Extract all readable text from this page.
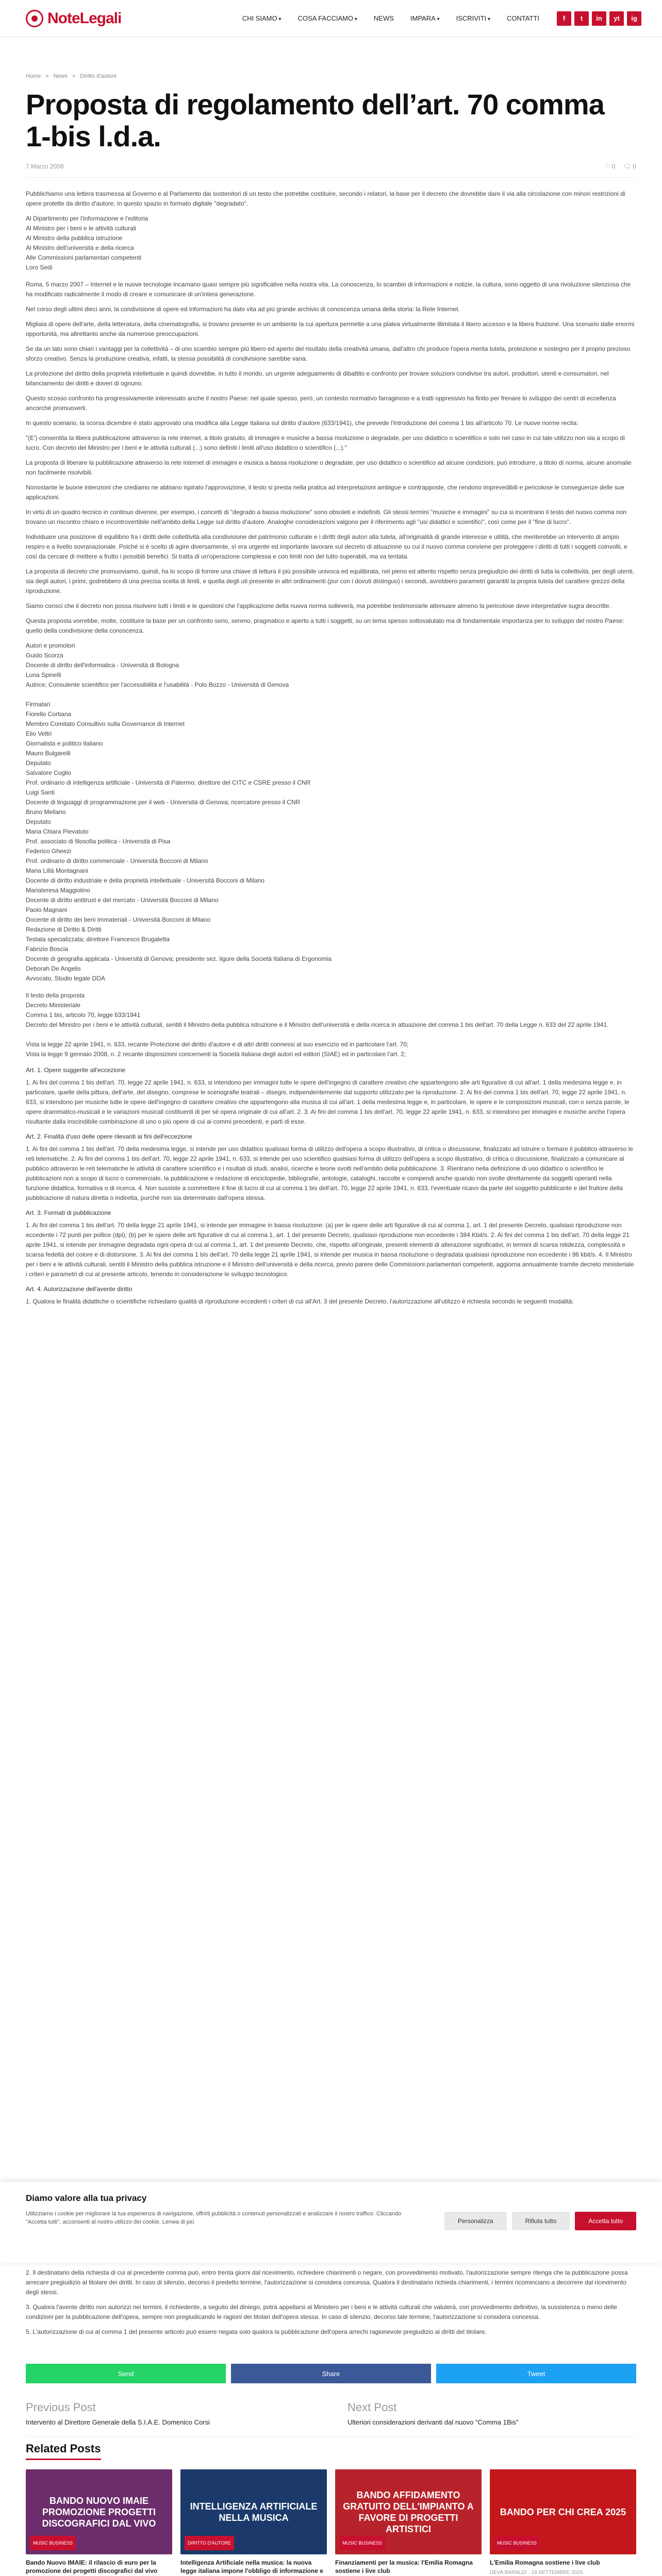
NoteLegali	CHI SIAMO ▾	COSA FACCIAMO ▾	NEWS	IMPARA ▾	ISCRIVITI ▾	CONTATTI	f	t	in	yt	ig
Home » News » Diritto d'autore
Proposta di regolamento dell’art. 70 comma 1-bis l.d.a.
7 Marzo 2008	♡ 0 🗨 0

Pubblichiamo una lettera trasmessa al Governo e al Parlamento dai sostenitori di un testo che potrebbe costituire, secondo i relatori, la base per il decreto che dovrebbe dare il via alla circolazione con minori restrizioni di opere protette da diritto d'autore, in questo spazio in formato digitale "degradato".

Al Dipartimento per l'informazione e l'editoria
Al Ministro per i beni e le attività culturali
Al Ministro della pubblica istruzione
Al Ministro dell'università e della ricerca
Alle Commissioni parlamentari competenti
Loro Sedi

Roma, 5 marzo 2007 – Internet e le nuove tecnologie incarnano quasi sempre più significative nella nostra vita. La conoscenza, lo scambio di informazioni e notizie, la cultura, sono oggetto di una rivoluzione silenziosa che ha modificato radicalmente il modo di creare e comunicare di un'intera generazione.

Nel corso degli ultimi dieci anni, la condivisione di opere ed informazioni ha dato vita ad più grande archivio di conoscenza umana della storia: la Rete Internet.

Migliaia di opere dell'arte, della letteratura, della cinematografia, si trovano presente in un ambiente la cui apertura permette a una platea virtualmente illimitata il libero accesso e la libera fruizione. Una scenario dalle enormi opportunità, ma altrettanto anche da numerose preoccupazioni.

Se da un lato sono chiari i vantaggi per la collettività – di uno scambio sempre più libero ed aperto del risultato della creatività umana, dall'altro chi produce l'opera merita tutela, protezione e sostegno per il proprio prezioso sforzo creativo. Senza la produzione creativa, infatti, la stessa possibilità di condivisione sarebbe vana.

La protezione del diritto della proprietà intellettuale e quindi dovrebbe, in tutto il mondo, un urgente adeguamento di dibattito e confronto per trovare soluzioni condivise tra autori, produttori, utenti e consumatori, nel bilanciamento dei diritti e doveri di ognuno.

Questo scosso confronto ha progressivamente interessato anche il nostro Paese: nel quale spesso, però, un contesto normativo farraginoso e a tratti oppressivo ha finito per frenare lo sviluppo dei centri di eccellenza ancorché promuoverli.

In questo scenario, la scorsa dicembre è stato approvato una modifica alla Legge italiana sul diritto d'autore (633/1941), che prevede l'introduzione del comma 1 bis all'articolo 70. Le nuove norme recita:

"(E') consentita la libera pubblicazione attraverso la rete internet, a titolo gratuito, di immagini e musiche a bassa risoluzione o degradate, per uso didattico o scientifico e solo nel caso in cui tale utilizzo non sia a scopo di lucro. Con decreto del Ministro per i beni e le attività culturali (...) sono definiti i limiti all'uso didattico o scientifico (...)."

La proposta di liberare la pubblicazione attraverso la rete internet di immagini e musica a bassa risoluzione o degradate, per uso didattico o scientifico ad alcune condizioni, può introdurre, a titolo di norma, alcune anomalie non facilmente risolvibili.

Nonostante le buone intenzioni che crediamo ne abbiano ispirato l'approvazione, il testo si presta nella pratica ad interpretazioni ambigue e contrapposte, che rendono imprevedibili e pericolose le conseguenze delle sue applicazioni.

In virtù di un quadro tecnico in continuo divenire, per esempio, i concetti di "degrado a bassa risoluzione" sono obsoleti e indefiniti. Gli stessi termini "musiche e immagini" su cui si incentrano il testo del nuovo comma non trovano un riscontro chiaro e incontrovertibile nell'ambito della Legge sul diritto d'autore. Analoghe considerazioni valgono per il riferimento agli "usi didattici e scientifici", così come per il "fine di lucro".

Individuare una posizione di equilibrio fra i diritti delle collettività alla condivisione del patrimonio culturale e i diritti degli autori alla tutela, all'originalità di grande interesse e utilità, che meriterebbe un intervento di ampio respiro e a livello sovranazionale. Poiché si è scelto di agire diversamente, sì era urgente ed importante lavorare sul decreto di attuazione su cui il nuovo comma conviene per proteggere i diritti di tutti i soggetti coinvolti, e così da cercare di mettere a frutto i possibili benefici. Si tratta di un'operazione complessa e con limiti non del tutto superabili, ma va tentata.

La proposta di decreto che promuoviamo, quindi, ha lo scopo di fornire una chiave di lettura il più possibile univoca ed equilibrata, nel pieno ed attento rispetto senza pregiudizio dei diritti di tutta la collettività, per degli utenti, sia degli autori, i primi, godrebbero di una precisa scelta di limiti, e quella degli uti presente in altri ordinamenti (pur con i dovuti distinguo) i secondi, avrebbero parametri garantiti la propria tutela del carattere grezzo della riproduzione.

Siamo consci che il decreto non possa risolvere tutti i limiti e le questioni che l'applicazione della nuova norma solleverà, ma potrebbe testimoniarle attenuare almeno la pericolose deve interpretative sugra descritte.

Questa proposta vorrebbe, molte, costituire la base per un confronto serio, sereno, pragmatico e aperto a tutti i soggetti, su un tema spesso sottovalutato ma di fondamentale importanza per lo sviluppo del nostro Paese: quello della condivisione della conoscenza.

Autori e promotori
Guido Scorza
Docente di diritto dell'informatica - Università di Bologna
Luna Spinelli
Autrice; Consulente scientifico per l'accessibilità e l'usabilità - Polo Bozzo - Università di Genova
Firmatari
Fiorello Cortiana
Membro Comitato Consultivo sulla Governance di Internet
Elio Veltri
Giornalista e politico italiano
Mauro Bulgarelli
Deputato
Salvatore Coglio
Prof. ordinario di intelligenza artificiale - Università di Palermo; direttore del CITC e CSRE presso il CNR
Luigi Santi
Docente di linguaggi di programmazione per il web - Università di Genova; ricercatore presso il CNR
Bruno Mellano
Deputato
Maria Chiara Pievatolo
Prof. associato di filosofia politica - Università di Pisa
Federico Gheezi
Prof. ordinario di diritto commerciale - Università Bocconi di Milano
Maria Lillà Montagnani
Docente di diritto industriale e della proprietà intellettuale - Università Bocconi di Milano
Mariateresa Maggiolino
Docente di diritto antitrust e del mercato - Università Bocconi di Milano
Paolo Magnani
Docente di diritto dei beni immateriali - Università Bocconi di Milano
Redazione di Diritto & Diritti
Testata specializzata; direttore Francesco Brugaletta
Fabrizio Boscia
Docente di geografia applicata - Università di Genova; presidente sez. ligure della Società Italiana di Ergonomia
Deborah De Angelis
Avvocato, Studio legale DDA
Il testo della proposta
Decreto Ministeriale
Comma 1 bis, articolo 70, legge 633/1941
Decreto del Ministro per i beni e le attività culturali, sentiti il Ministro della pubblica istruzione e il Ministro dell'università e della ricerca in attuazione del comma 1 bis dell'art. 70 della Legge n. 633 del 22 aprile 1941.
Vista la legge 22 aprile 1941, n. 633, recante Protezione del diritto d'autore e di altri diritti connessi al suo esercizio ed in particolare l'art. 70;
Vista la legge 9 gennaio 2008, n. 2 recante disposizioni concernenti la Società italiana degli autori ed editori (SIAE) ed in particolare l'art. 2;
Art. 1. Opere suggerite all'eccezione

1. Ai fini del comma 1 bis dell'art. 70, legge 22 aprile 1941, n. 633, si intendono per immagini tutte le opere dell'ingegno di carattere creativo che appartengono alle arti figurative di cui all'art. 1 della medesima legge e, in particolare, quelle della pittura, dell'arte, del disegno, comprese le scenografie teatrali – disegni, indipendentemente dal supporto utilizzato per la riproduzione. 2. Ai fini del comma 1 bis dell'art. 70, legge 22 aprile 1941, n. 633, si intendono per musiche tutte le opere dell'ingegno di carattere creativo che appartengono alla musica di cui all'art. 1 della medesima legge e, in particolare, le opere e le composizioni musicali, con o senza parole, le opere drammatico-musicali e le variazioni musicali costituenti di per sé opera originale di cui all'art. 2. 3. Ai fini del comma 1 bis dell'art. 70, legge 22 aprile 1941, n. 633, si intendono per immagini e musiche anche l'opera risultante dalla inscindibile combinazione di uno o più opere di cui ai commi precedenti, e parti di esse.

Art. 2. Finalità d'uso delle opere rilevanti ai fini dell'eccezione

1. Ai fini del comma 1 bis dell'art. 70 della medesima legge, si intende per uso didattico qualsiasi forma di utilizzo dell'opera a scopo illustrativo, di critica o discussione, finalizzato ad istruire o formare il pubblico attraverso le reti telematiche. 2. Ai fini del comma 1 bis dell'art. 70, legge 22 aprile 1941, n. 633, si intende per uso scientifico qualsiasi forma di utilizzo dell'opera a scopo illustrativo, di critica o discussione, finalizzato a comunicare al pubblico attraverso le reti telematiche le attività di carattere scientifico e i risultati di studi, analisi, ricerche e teorie svolti nell'ambito della pubblicazione. 3. Rientrano nella definizione di uso didattico o scientifico le pubblicazioni non a scopo di lucro o commerciale, la pubblicazione e redazione di enciclopedie, bibliografie, antologie, cataloghi, raccolte e compendi anche quando non svolte direttamente da soggetti operanti nella funzione didattica, formativa o di ricerca. 4. Non sussiste a commettere il fine di lucro di cui al comma 1 bis dell'art. 70, legge 22 aprile 1941, n. 633, l'eventuale ricavo da parte del soggetto pubblicante e del fruitore della pubblicazione di natura diretta o indiretta, purché non sia determinato dall'opera stessa.

Art. 3. Formati di pubblicazione

1. Ai fini del comma 1 bis dell'art. 70 della legge 21 aprile 1941, si intende per immagine in bassa risoluzione: (a) per le opere delle arti figurative di cui al comma 1, art. 1 del presente Decreto, qualsiasi riproduzione non eccedente i 72 punti per pollice (dpi); (b) per le opere delle arti figurative di cui al comma 1, art. 1 del presente Decreto, qualsiasi riproduzione non eccedente i 384 Kbit/s. 2. Ai fini del comma 1 bis dell'art. 70 della legge 21 aprile 1941, si intende per immagine degradata ogni opera di cui al comma 1, art. 1 del presente Decreto, che, rispetto all'originale, presenti elementi di alterazione significativi, in termini di scarsa nitidezza, complessità e scarsa fedeltà del colore e di distorsione. 3. Ai fini del comma 1 bis dell'art. 70 della legge 21 aprile 1941, si intende per musica in bassa risoluzione o degradata qualsiasi riproduzione non eccedente i 96 kbit/s. 4. Il Ministro per i beni e le attività culturali, sentiti il Ministro della pubblica istruzione e il Ministro dell'università e della ricerca, previo parere delle Commissioni parlamentari competenti, aggiorna annualmente tramite decreto ministeriale i criteri e parametri di cui al presente articolo, tenendo in considerazione le sviluppo tecnologico.

Art. 4. Autorizzazione dell'avente diritto

1. Qualora le finalità didattiche o scientifiche richiedano qualità di riproduzione eccedenti i criteri di cui all'Art. 3 del presente Decreto, l'autorizzazione all'utilizzo è richiesta secondo le seguenti modalità:

Diamo valore alla tua privacy

Utilizziamo i cookie per migliorare la tua esperienza di navigazione, offrirti pubblicità o contenuti personalizzati e analizzare il nostro traffico. Cliccando "Accetta tutti", acconsenti al nostro utilizzo dei cookie. Lenwa di più	Personalizza	Rifiuta tutto	Accetta tutto

2. Il destinatario della richiesta di cui al precedente comma può, entro trenta giorni dal ricevimento, richiedere chiarimenti o negare, con provvedimento motivato, l'autorizzazione sempre ritenga che la pubblicazione possa arrecare pregiudizio al titolare dei diritti. In caso di silenzio, decorso il predetto termine, l'autorizzazione si considera concessa. Qualora il destinatario richieda chiarimenti, i termini ricominciano a decorrere dal ricevimento degli stessi.

3. Qualora l'avente diritto non autorizzi nei termini, il richiedente, a seguito del diniego, potrà appellarsi al Ministero per i beni e le attività culturali che valuterà, con provvedimento definitivo, la sussistenza o meno delle condizioni per la pubblicazione dell'opera, sempre non pregiudicando le ragioni dei titolari dell'opera stessa. In caso di silenzio, decorso tale termine, l'autorizzazione si considera concessa.

5. L'autorizzazione di cui al comma 1 del presente articolo può essere negata solo qualora la pubblicazione dell'opera arrechi ragionevole pregiudizio ai diritti del titolare.

Send	Share	Tweet
Previous Post
Intervento al Direttore Generale della S.I.A.E. Domenico Corsi
Next Post
Ulteriori considerazioni derivanti dal nuovo "Comma 1Bis"
Related Posts
BANDO NUOVO IMAIE PROMOZIONE PROGETTI DISCOGRAFICI DAL VIVO
MUSIC BUSINESS
Bando Nuovo IMAIE: il rilascio di euro per la promozione dei progetti discografici dal vivo
INTELLIGENZA ARTIFICIALE NELLA MUSICA
DIRITTO D'AUTORE
Intelligenza Artificiale nella musica: la nuova legge italiana impone l'obbligo di informazione e
BANDO AFFIDAMENTO GRATUITO DELL'IMPIANTO A FAVORE DI PROGETTI ARTISTICI
MUSIC BUSINESS
Finanziamenti per la musica: l'Emilia Romagna sostiene i live club
BANDO PER CHI CREA 2025
MUSIC BUSINESS
L'Emilia Romagna sostiene i live club
DEVA BARALDI · 18 SETTEMBRE 2025
